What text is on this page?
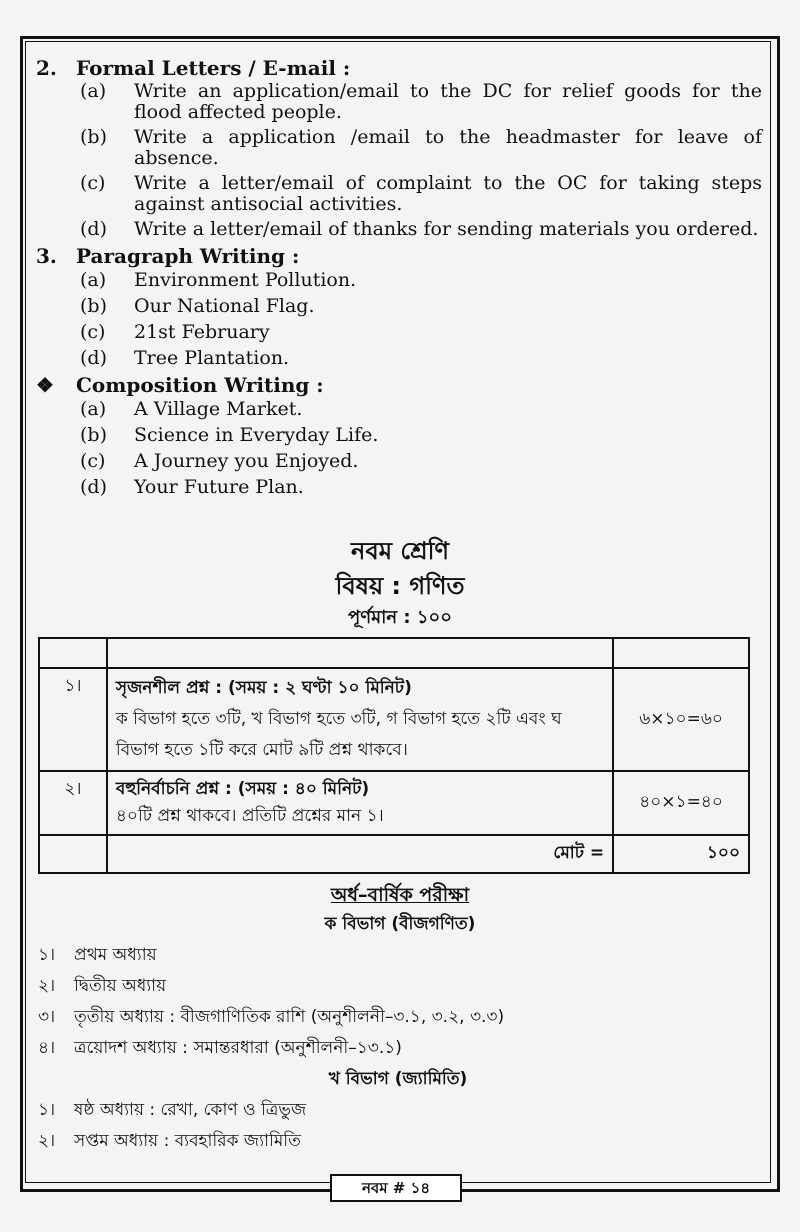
2. Formal Letters / E-mail :
(a) Write an application/email to the DC for relief goods for the flood affected people.
(b) Write a application /email to the headmaster for leave of absence.
(c) Write a letter/email of complaint to the OC for taking steps against antisocial activities.
(d) Write a letter/email of thanks for sending materials you ordered.
3. Paragraph Writing :
(a) Environment Pollution.
(b) Our National Flag.
(c) 21st February
(d) Tree Plantation.
❖ Composition Writing :
(a) A Village Market.
(b) Science in Everyday Life.
(c) A Journey you Enjoyed.
(d) Your Future Plan.
নবম শ্রেণি
বিষয় : গণিত
পূর্ণমান : ১০০

১।	সৃজনশীল প্রশ্ন : (সময় : ২ ঘণ্টা ১০ মিনিট)
ক বিভাগ হতে ৩টি, খ বিভাগ হতে ৩টি, গ বিভাগ হতে ২টি এবং ঘ বিভাগ হতে ১টি করে মোট ৯টি প্রশ্ন থাকবে।	৬×১০=৬০
২।	বহুনির্বাচনি প্রশ্ন : (সময় : ৪০ মিনিট)
৪০টি প্রশ্ন থাকবে। প্রতিটি প্রশ্নের মান ১।	৪০×১=৪০
	মোট =	১০০
অর্ধ–বার্ষিক পরীক্ষা
ক বিভাগ (বীজগণিত)
১। প্রথম অধ্যায়
২। দ্বিতীয় অধ্যায়
৩। তৃতীয় অধ্যায় : বীজগাণিতিক রাশি (অনুশীলনী–৩.১, ৩.২, ৩.৩)
৪। ত্রয়োদশ অধ্যায় : সমান্তরধারা (অনুশীলনী–১৩.১)
খ বিভাগ (জ্যামিতি)
১। ষষ্ঠ অধ্যায় : রেখা, কোণ ও ত্রিভুজ
২। সপ্তম অধ্যায় : ব্যবহারিক জ্যামিতি
নবম # ১৪
